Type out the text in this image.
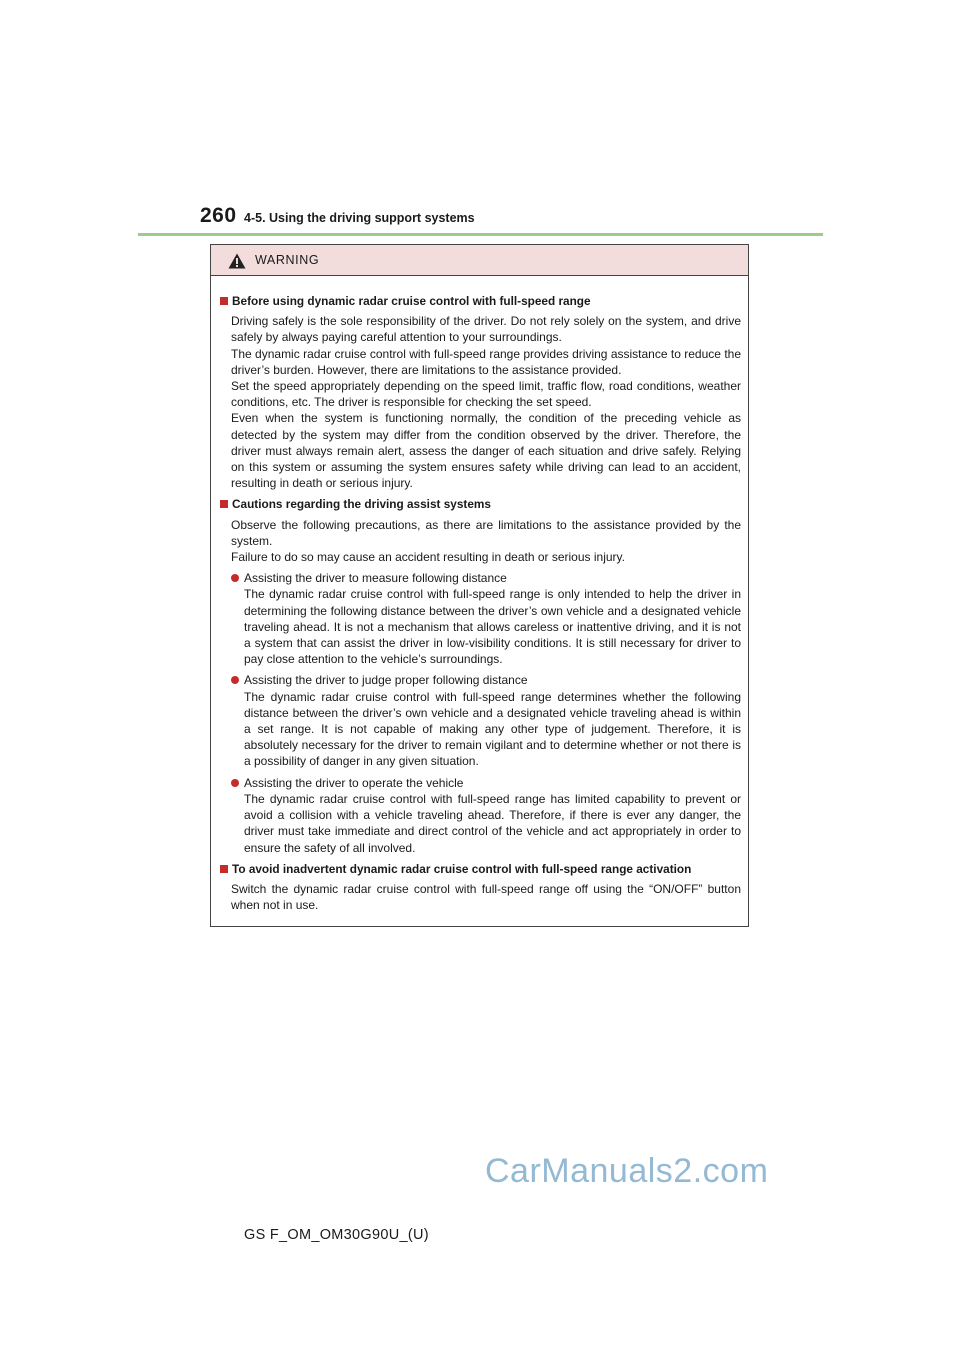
260 4-5. Using the driving support systems
WARNING
Before using dynamic radar cruise control with full-speed range
Driving safely is the sole responsibility of the driver. Do not rely solely on the system, and drive safely by always paying careful attention to your surroundings.
The dynamic radar cruise control with full-speed range provides driving assistance to reduce the driver’s burden. However, there are limitations to the assistance provided.
Set the speed appropriately depending on the speed limit, traffic flow, road conditions, weather conditions, etc. The driver is responsible for checking the set speed.
Even when the system is functioning normally, the condition of the preceding vehicle as detected by the system may differ from the condition observed by the driver. Therefore, the driver must always remain alert, assess the danger of each situation and drive safely. Relying on this system or assuming the system ensures safety while driving can lead to an accident, resulting in death or serious injury.
Cautions regarding the driving assist systems
Observe the following precautions, as there are limitations to the assistance provided by the system.
Failure to do so may cause an accident resulting in death or serious injury.
Assisting the driver to measure following distance
The dynamic radar cruise control with full-speed range is only intended to help the driver in determining the following distance between the driver’s own vehicle and a designated vehicle traveling ahead. It is not a mechanism that allows careless or inattentive driving, and it is not a system that can assist the driver in low-visibility conditions. It is still necessary for driver to pay close attention to the vehicle’s surroundings.
Assisting the driver to judge proper following distance
The dynamic radar cruise control with full-speed range determines whether the following distance between the driver’s own vehicle and a designated vehicle traveling ahead is within a set range. It is not capable of making any other type of judgement. Therefore, it is absolutely necessary for the driver to remain vigilant and to determine whether or not there is a possibility of danger in any given situation.
Assisting the driver to operate the vehicle
The dynamic radar cruise control with full-speed range has limited capability to prevent or avoid a collision with a vehicle traveling ahead. Therefore, if there is ever any danger, the driver must take immediate and direct control of the vehicle and act appropriately in order to ensure the safety of all involved.
To avoid inadvertent dynamic radar cruise control with full-speed range activation
Switch the dynamic radar cruise control with full-speed range off using the “ON/OFF” button when not in use.
CarManuals2.com
GS F_OM_OM30G90U_(U)
